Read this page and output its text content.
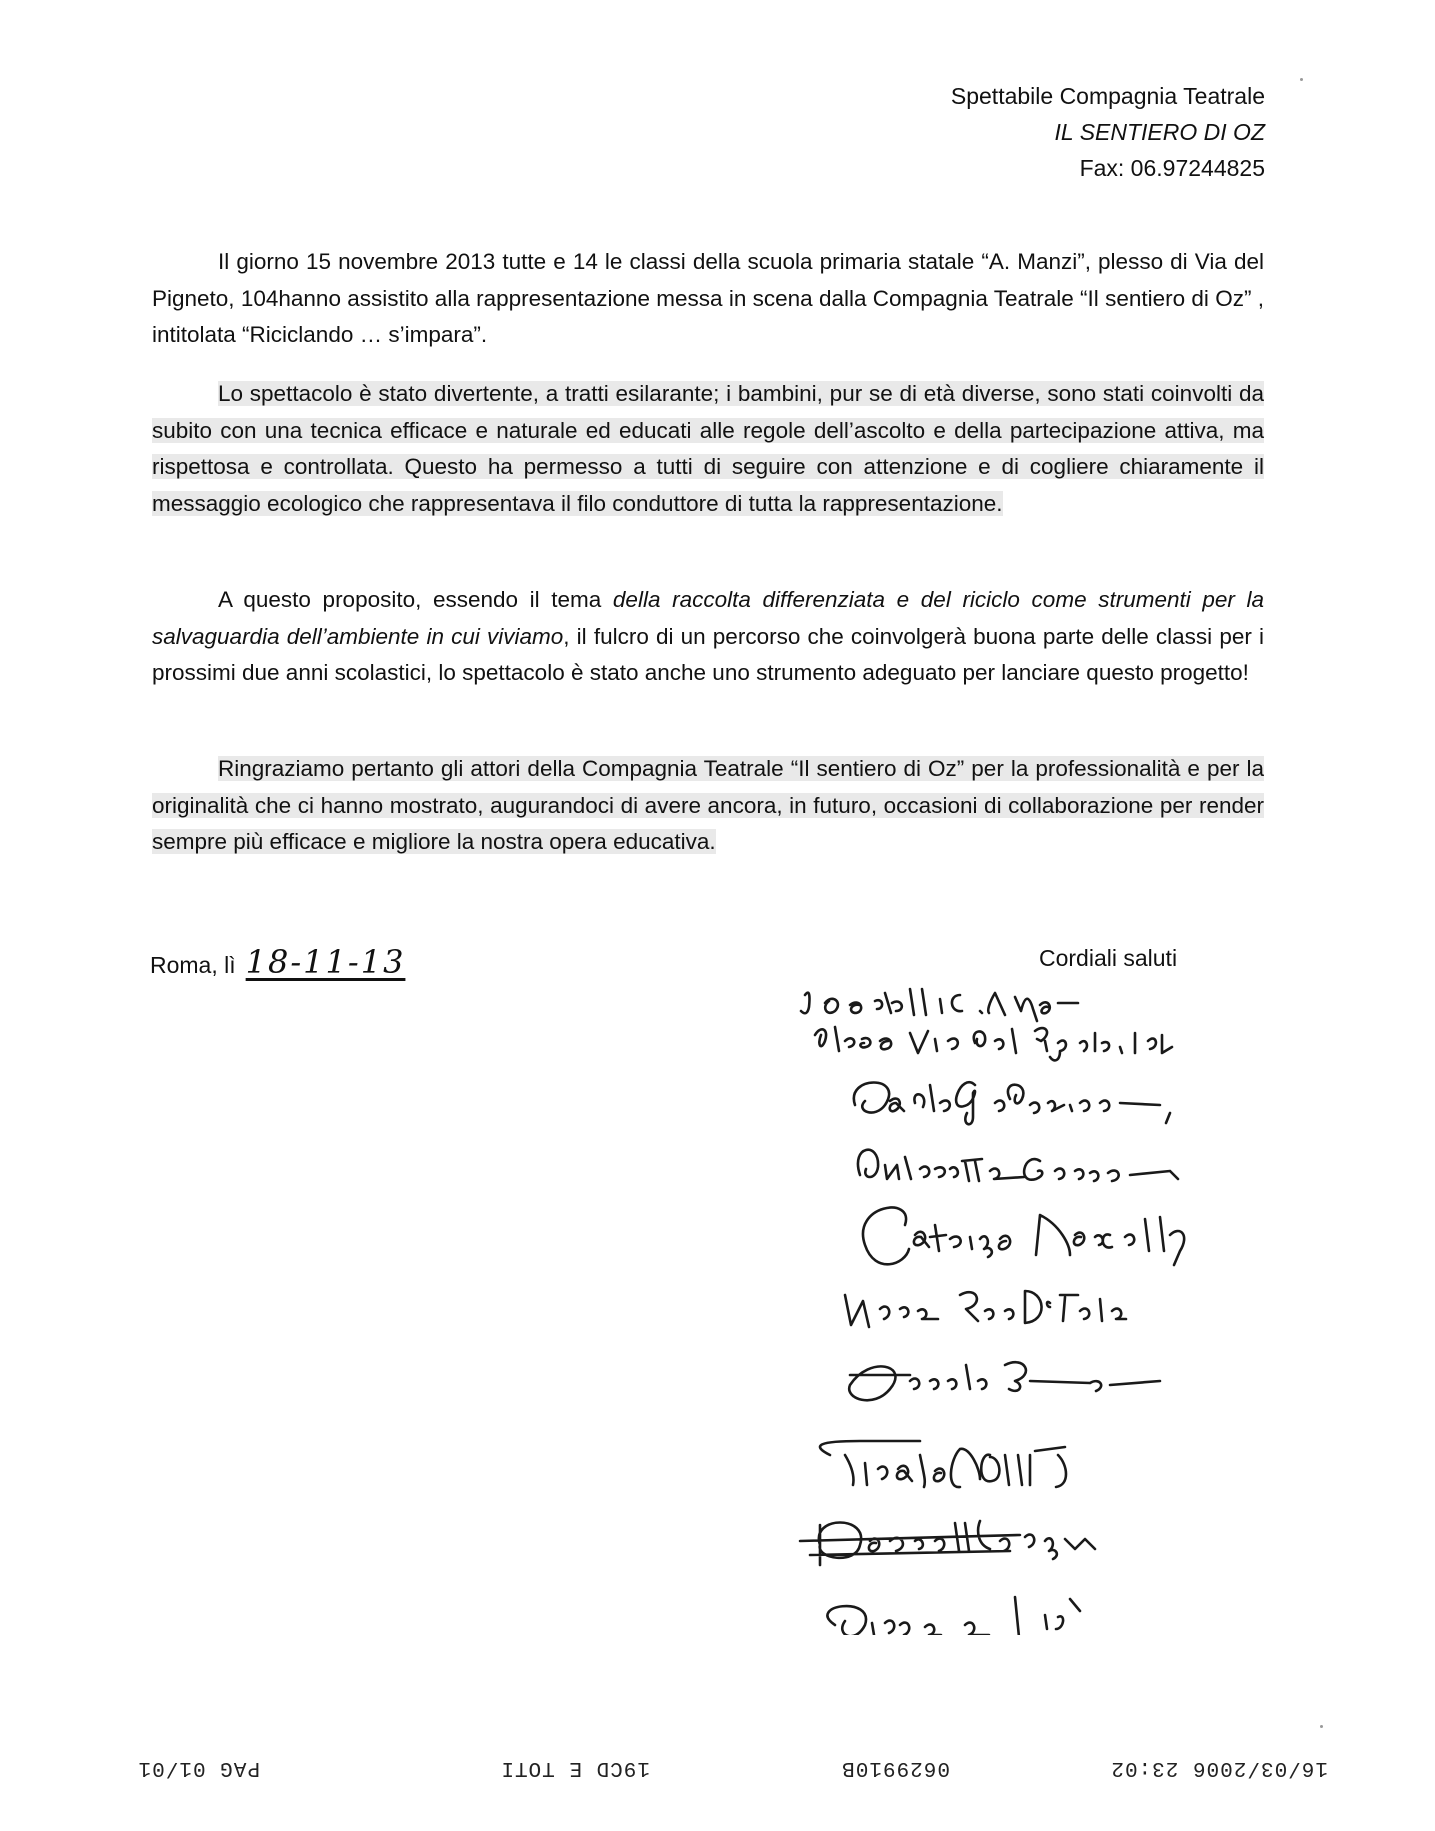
Spettabile Compagnia Teatrale
IL SENTIERO DI OZ
Fax: 06.97244825

Il giorno 15 novembre 2013 tutte e 14 le classi della scuola primaria statale “A. Manzi”, plesso di Via del Pigneto, 104hanno assistito alla rappresentazione messa in scena dalla Compagnia Teatrale “Il sentiero di Oz” , intitolata “Riciclando … s’impara”.

Lo spettacolo è stato divertente, a tratti esilarante; i bambini, pur se di età diverse, sono stati coinvolti da subito con una tecnica efficace e naturale ed educati alle regole dell’ascolto e della partecipazione attiva, ma rispettosa e controllata. Questo ha permesso a tutti di seguire con attenzione e di cogliere chiaramente il messaggio ecologico che rappresentava il filo conduttore di tutta la rappresentazione.

A questo proposito, essendo il tema della raccolta differenziata e del riciclo come strumenti per la salvaguardia dell’ambiente in cui viviamo, il fulcro di un percorso che coinvolgerà buona parte delle classi per i prossimi due anni scolastici, lo spettacolo è stato anche uno strumento adeguato per lanciare questo progetto!

Ringraziamo pertanto gli attori della Compagnia Teatrale “Il sentiero di Oz” per la professionalità e per la originalità che ci hanno mostrato, augurandoci di avere ancora, in futuro, occasioni di collaborazione per render sempre più efficace e migliore la nostra opera educativa.

Roma, lì 18-11-13	Cordiali saluti
16/03/2006 23:02
0629910B
19CD E TOTI
PAG 01/01
